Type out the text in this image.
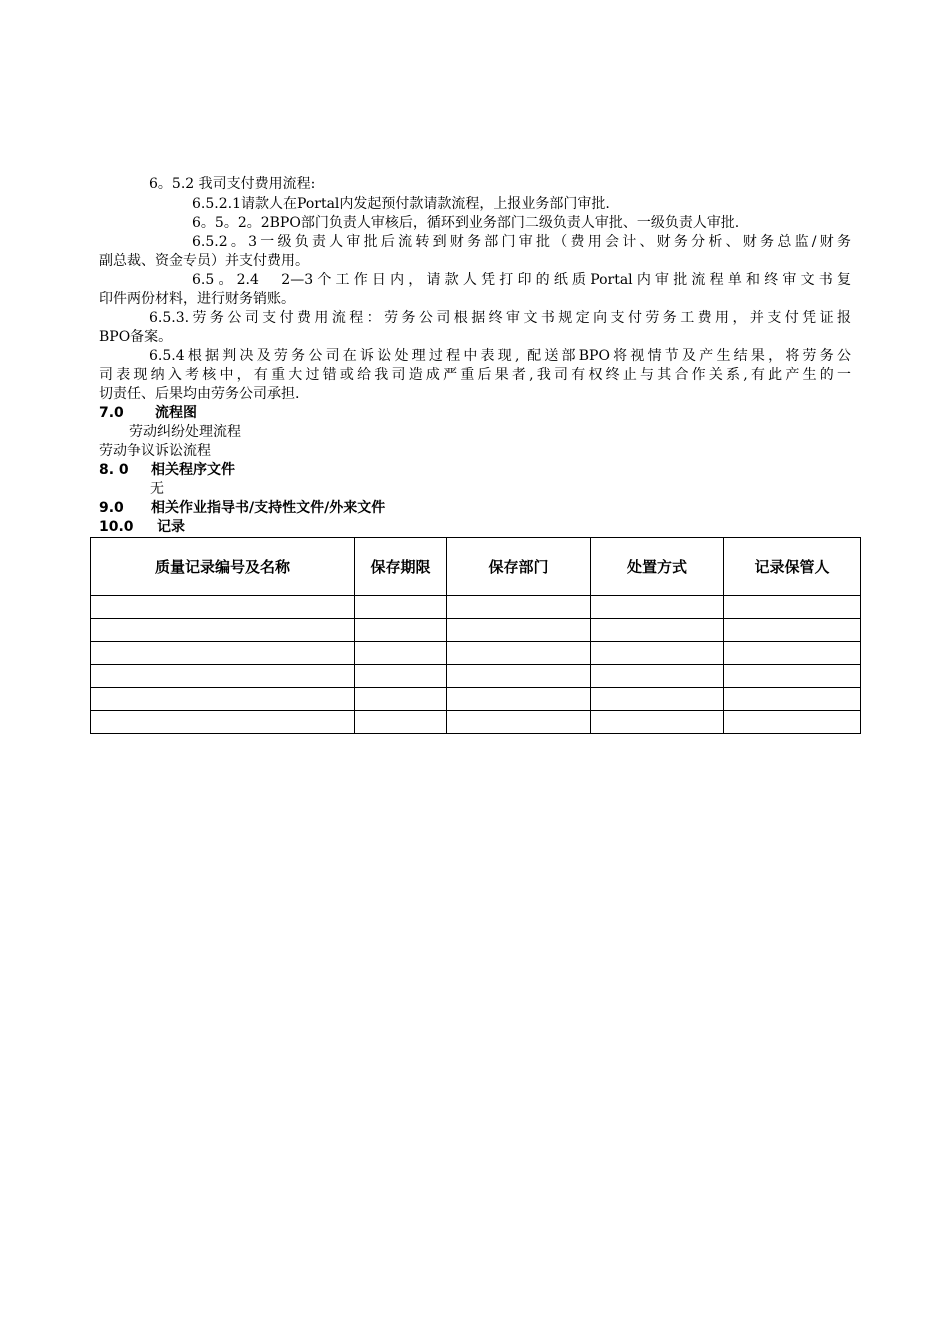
6。5.2 我司支付费用流程:
6.5.2.1请款人在Portal内发起预付款请款流程，上报业务部门审批.
6。5。2。2BPO部门负责人审核后，循环到业务部门二级负责人审批、一级负责人审批.
6.5.2。3一级负责人审批后流转到财务部门审批（费用会计、财务分析、财务总监/财务
副总裁、资金专员）并支付费用。
6.5。2.4　2—3个工作日内，请款人凭打印的纸质Portal内审批流程单和终审文书复
印件两份材料，进行财务销账。
6.5.3.劳务公司支付费用流程：劳务公司根据终审文书规定向支付劳务工费用，并支付凭证报
BPO备案。
6.5.4根据判决及劳务公司在诉讼处理过程中表现, 配送部BPO将视情节及产生结果，将劳务公
司表现纳入考核中，有重大过错或给我司造成严重后果者,我司有权终止与其合作关系,有此产生的一
切责任、后果均由劳务公司承担.
7.0 流程图
劳动纠纷处理流程
劳动争议诉讼流程
8. 0 相关程序文件
无
9.0 相关作业指导书/支持性文件/外来文件
10.0 记录
质量记录编号及名称	保存期限	保存部门	处置方式	记录保管人
